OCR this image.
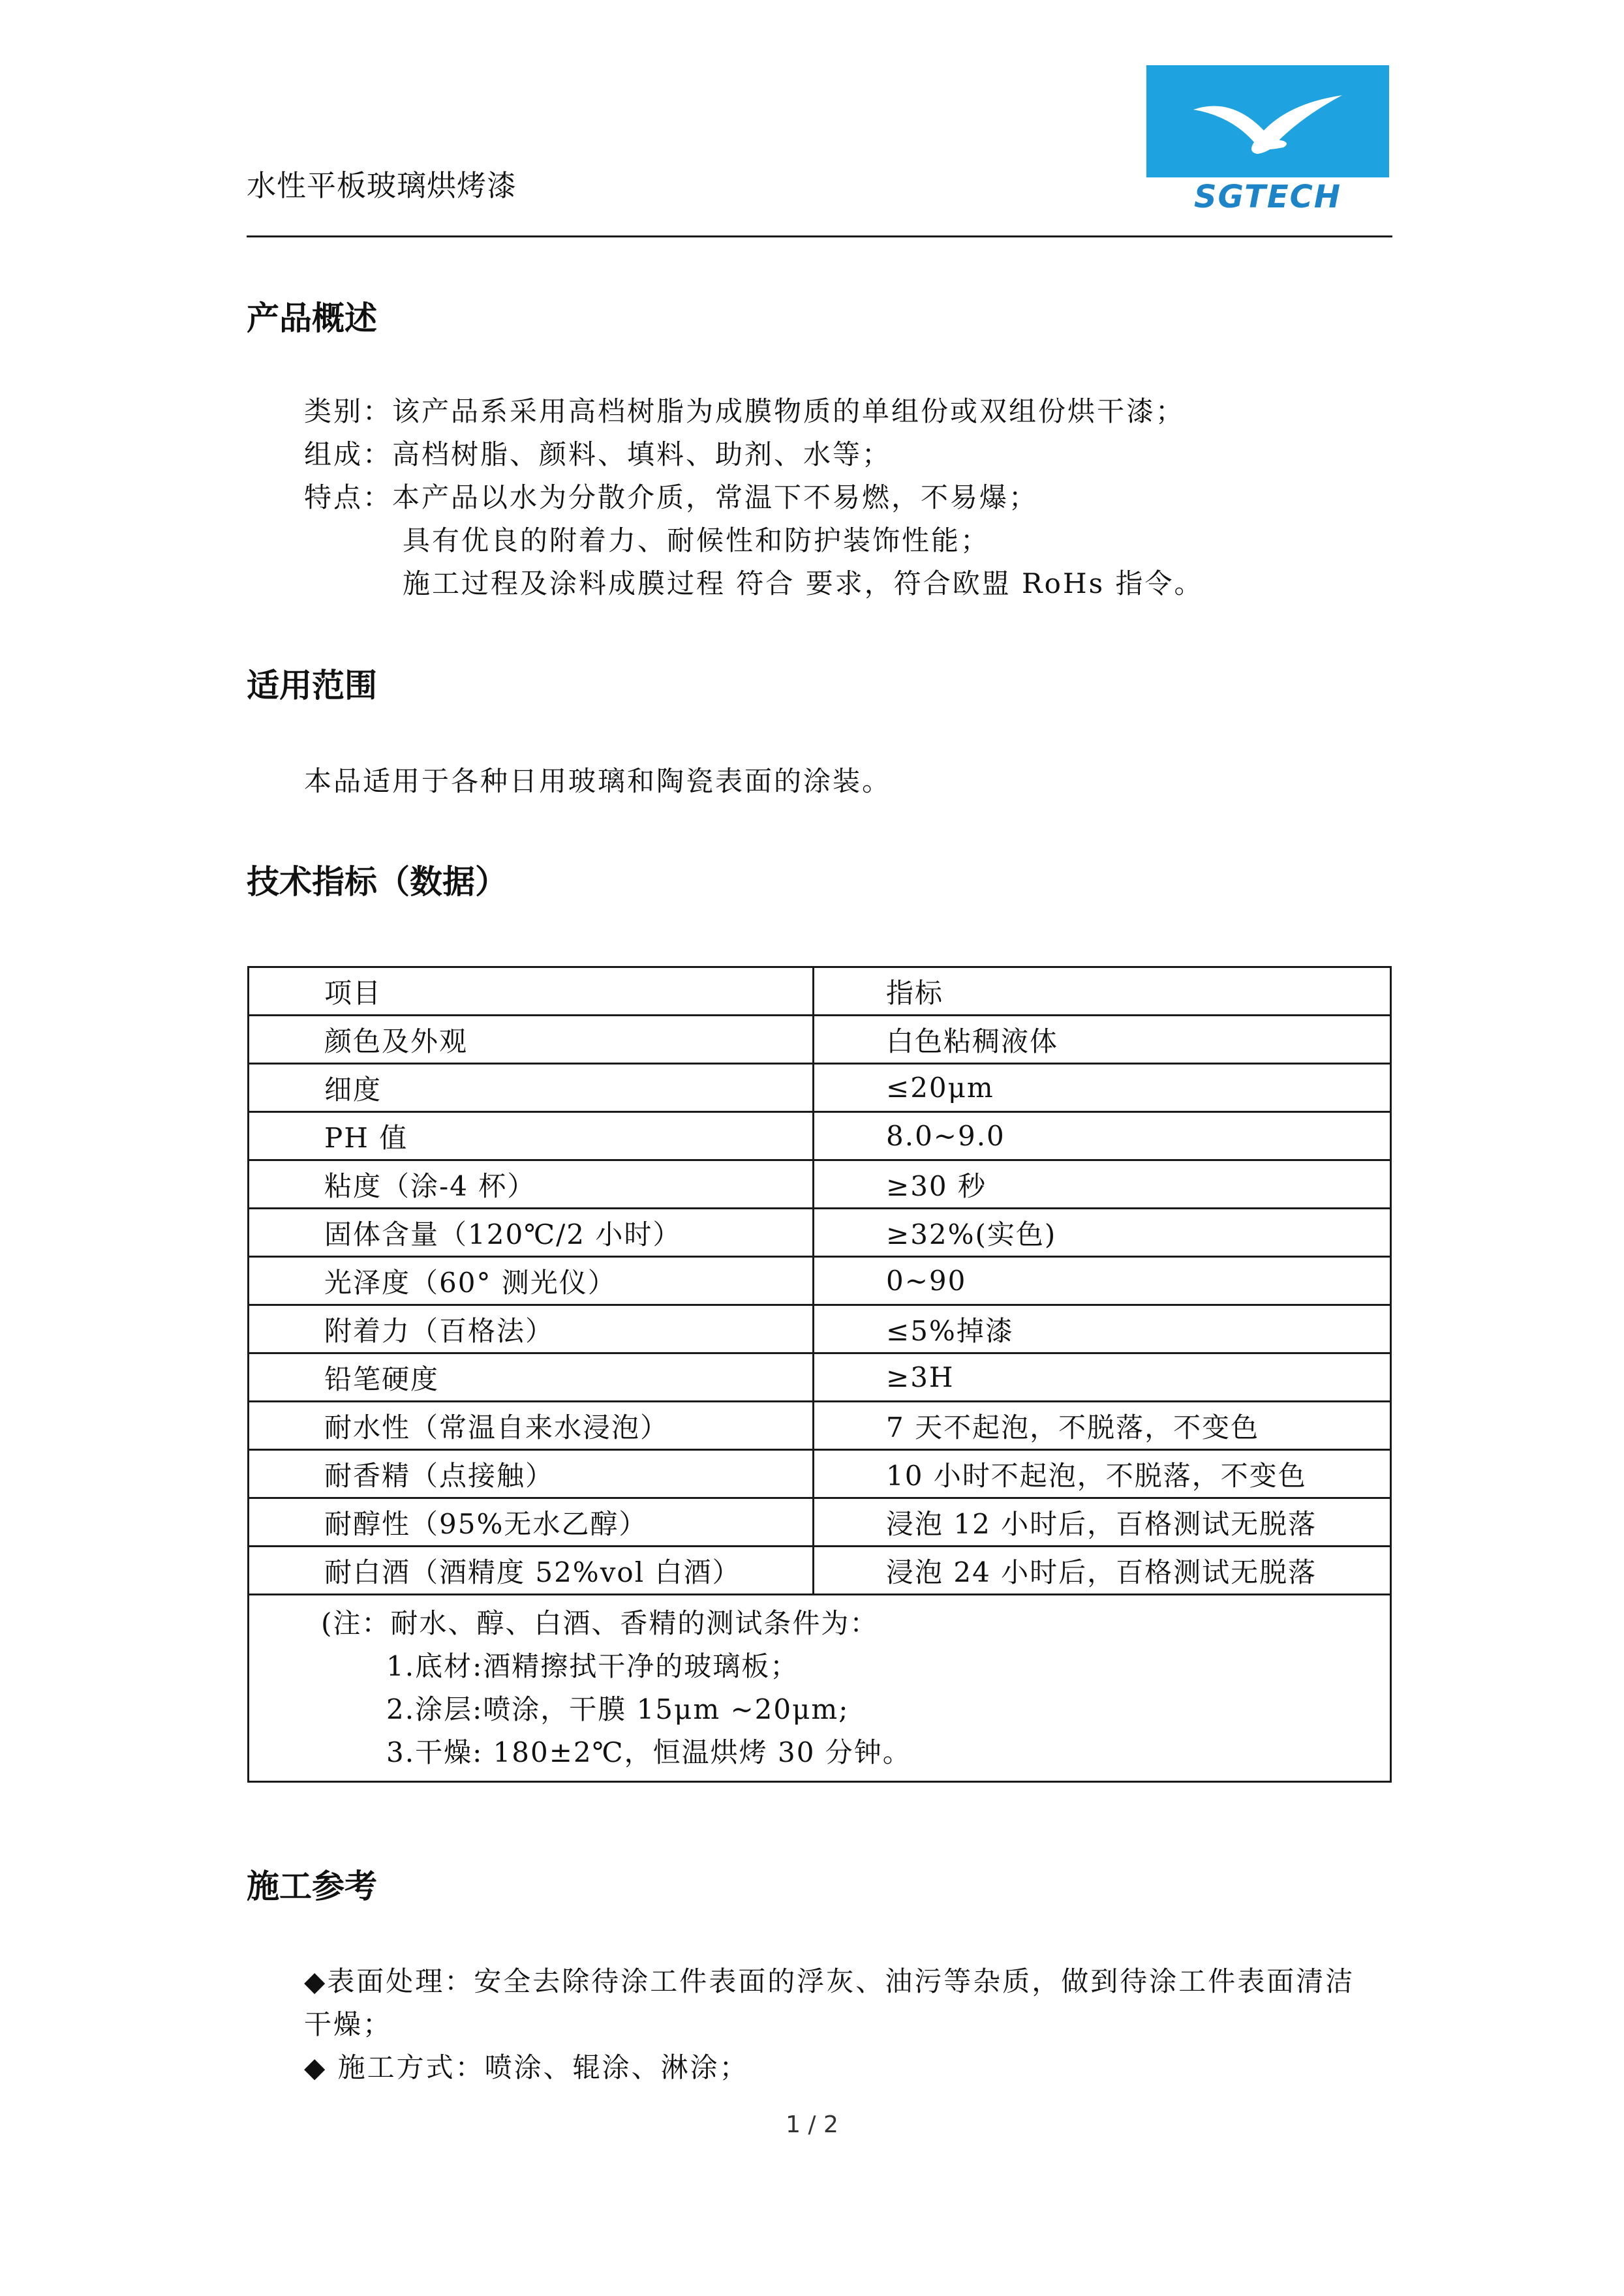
水性平板玻璃烘烤漆	SGTECH
产品概述
类别：该产品系采用高档树脂为成膜物质的单组份或双组份烘干漆；
组成：高档树脂、颜料、填料、助剂、水等；
特点：本产品以水为分散介质，常温下不易燃，不易爆；
具有优良的附着力、耐候性和防护装饰性能；
施工过程及涂料成膜过程 符合 要求，符合欧盟 RoHs 指令。
适用范围
本品适用于各种日用玻璃和陶瓷表面的涂装。
技术指标（数据）
项目	指标
颜色及外观	白色粘稠液体
细度	≤20μm
PH 值	8.0~9.0
粘度（涂-4 杯）	≥30 秒
固体含量（120℃/2 小时）	≥32%(实色)
光泽度（60° 测光仪）	0~90
附着力（百格法）	≤5%掉漆
铅笔硬度	≥3H
耐水性（常温自来水浸泡）	7 天不起泡，不脱落，不变色
耐香精（点接触）	10 小时不起泡，不脱落，不变色
耐醇性（95%无水乙醇）	浸泡 12 小时后，百格测试无脱落
耐白酒（酒精度 52%vol 白酒）	浸泡 24 小时后，百格测试无脱落

(注：耐水、醇、白酒、香精的测试条件为：
1.底材:酒精擦拭干净的玻璃板；
2.涂层:喷涂，干膜 15μm ~20μm;
3.干燥: 180±2℃，恒温烘烤 30 分钟。	
施工参考
◆表面处理：安全去除待涂工件表面的浮灰、油污等杂质，做到待涂工件表面清洁
干燥；
◆ 施工方式：喷涂、辊涂、淋涂；
1 / 2
